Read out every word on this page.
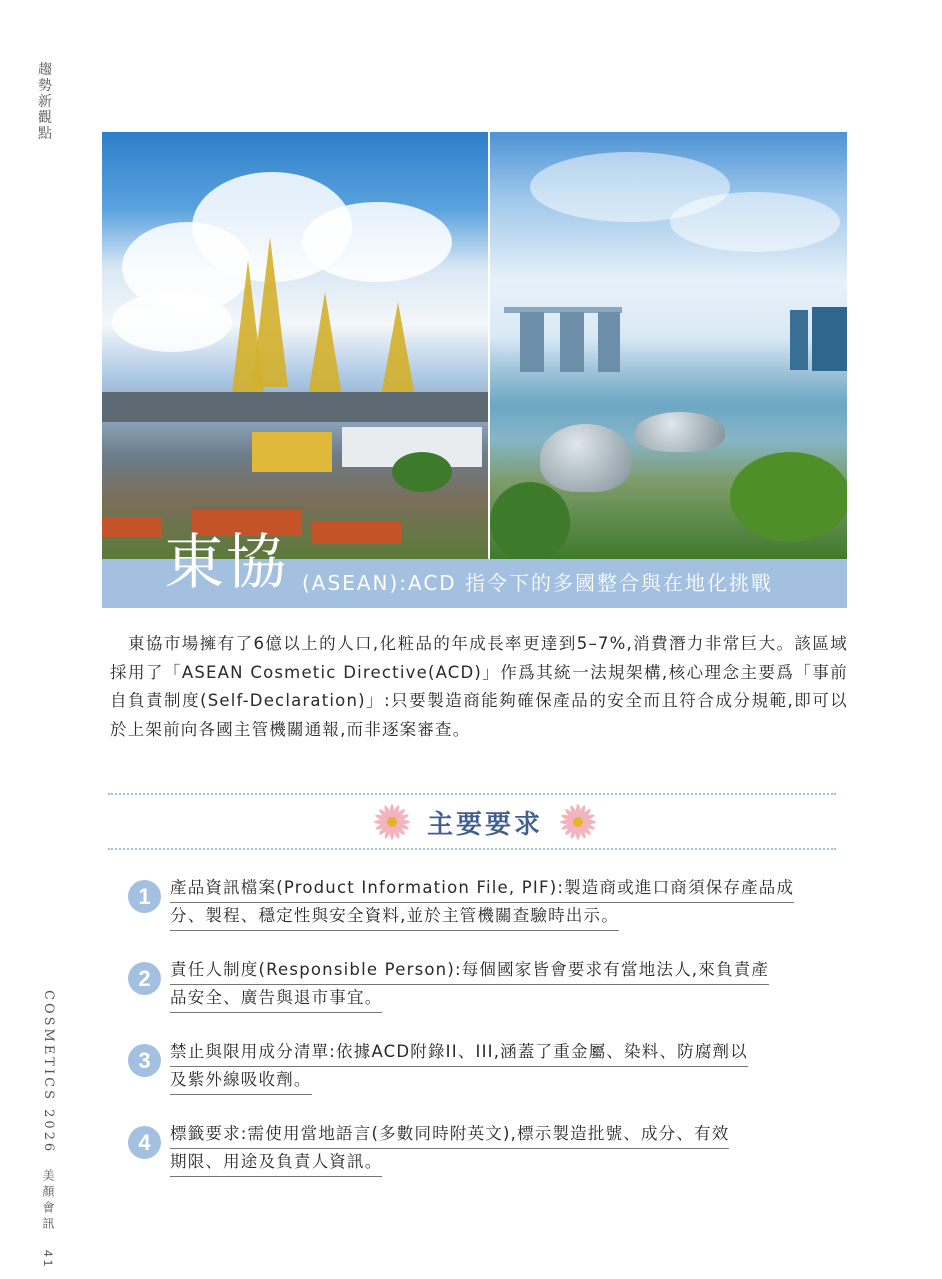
趨
勢
新
觀
點
COSMETICS 2026 美顏會訊 41
東協 (ASEAN):ACD 指令下的多國整合與在地化挑戰

東協市場擁有了6億以上的人口,化粧品的年成長率更達到5–7%,消費潛力非常巨大。該區域採用了「ASEAN Cosmetic Directive(ACD)」作爲其統一法規架構,核心理念主要爲「事前自負責制度(Self-Declaration)」:只要製造商能夠確保產品的安全而且符合成分規範,即可以於上架前向各國主管機關通報,而非逐案審查。

主要要求
1	產品資訊檔案(Product Information File, PIF):製造商或進口商須保存產品成
分、製程、穩定性與安全資料,並於主管機關查驗時出示。
2	責任人制度(Responsible Person):每個國家皆會要求有當地法人,來負責產
品安全、廣告與退市事宜。
3	禁止與限用成分清單:依據ACD附錄II、III,涵蓋了重金屬、染料、防腐劑以
及紫外線吸收劑。
4	標籤要求:需使用當地語言(多數同時附英文),標示製造批號、成分、有效
期限、用途及負責人資訊。
